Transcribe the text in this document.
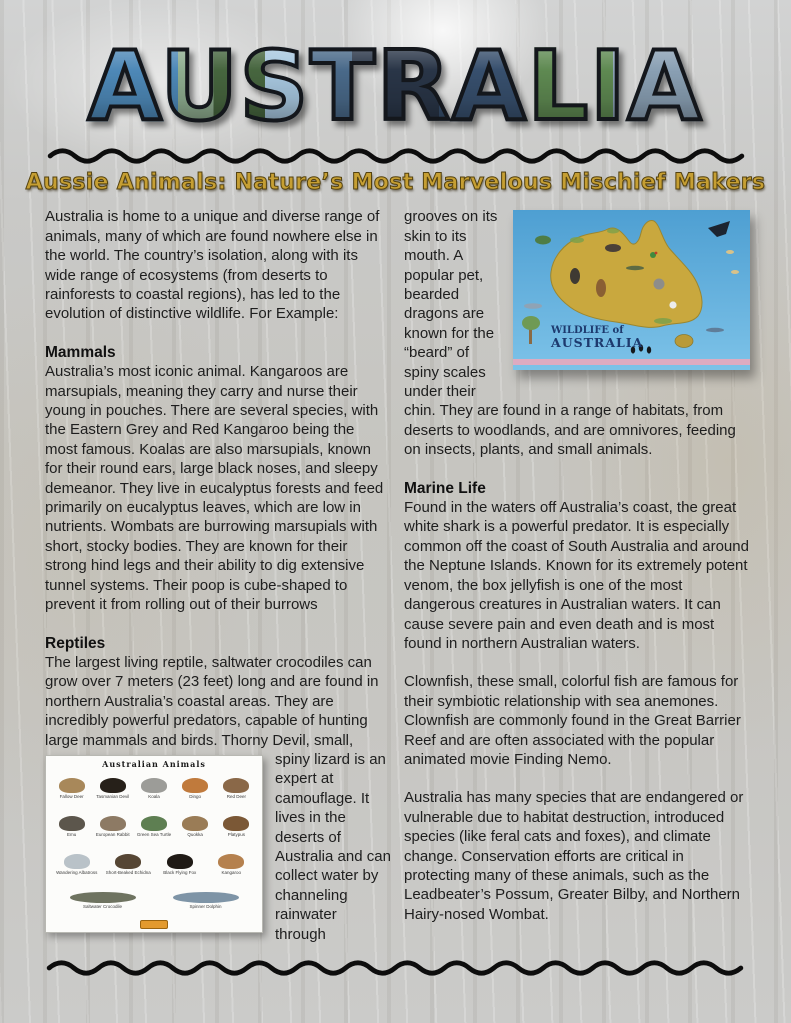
AUSTRALIA
Aussie Animals: Nature’s Most Marvelous Mischief Makers

Australia is home to a unique and diverse range of animals, many of which are found nowhere else in the world. The country’s isolation, along with its wide range of ecosystems (from deserts to rainforests to coastal regions), has led to the evolution of distinctive wildlife. For Example:

Mammals

Australia’s most iconic animal. Kangaroos are marsupials, meaning they carry and nurse their young in pouches. There are several species, with the Eastern Grey and Red Kangaroo being the most famous. Koalas are also marsupials, known for their round ears, large black noses, and sleepy demeanor. They live in eucalyptus forests and feed primarily on eucalyptus leaves, which are low in nutrients. Wombats are burrowing marsupials with short, stocky bodies. They are known for their strong hind legs and their ability to dig extensive tunnel systems. Their poop is cube-shaped to prevent it from rolling out of their burrows

Reptiles

The largest living reptile, saltwater crocodiles can grow over 7 meters (23 feet) long and are found in northern Australia’s coastal areas. They are incredibly powerful predators, capable of hunting large mammals and birds. Thorny Devil, small,
Australian Animals
Fallow Deer	Tasmanian Devil	Koala	Dingo	Red Deer
Emu	European Rabbit Green Sea Turtle	Quokka	Platypus
Wandering Albatross Short-Beaked Echidna	Black Flying Fox	Kangaroo
Saltwater Crocodile	Spinner Dolphin
spiny lizard is an expert at camouflage. It lives in the deserts of Australia and can collect water by channeling rainwater through

WILDLIFE of
AUSTRALIA
grooves on its skin to its mouth. A popular pet, bearded dragons are known for the “beard” of spiny scales under their chin. They are found in a range of habitats, from deserts to woodlands, and are omnivores, feeding on insects, plants, and small animals.

Marine Life

Found in the waters off Australia’s coast, the great white shark is a powerful predator. It is especially common off the coast of South Australia and around the Neptune Islands. Known for its extremely potent venom, the box jellyfish is one of the most dangerous creatures in Australian waters. It can cause severe pain and even death and is most found in northern Australian waters.

Clownfish, these small, colorful fish are famous for their symbiotic relationship with sea anemones. Clownfish are commonly found in the Great Barrier Reef and are often associated with the popular animated movie Finding Nemo.

Australia has many species that are endangered or vulnerable due to habitat destruction, introduced species (like feral cats and foxes), and climate change. Conservation efforts are critical in protecting many of these animals, such as the Leadbeater’s Possum, Greater Bilby, and Northern Hairy-nosed Wombat.
